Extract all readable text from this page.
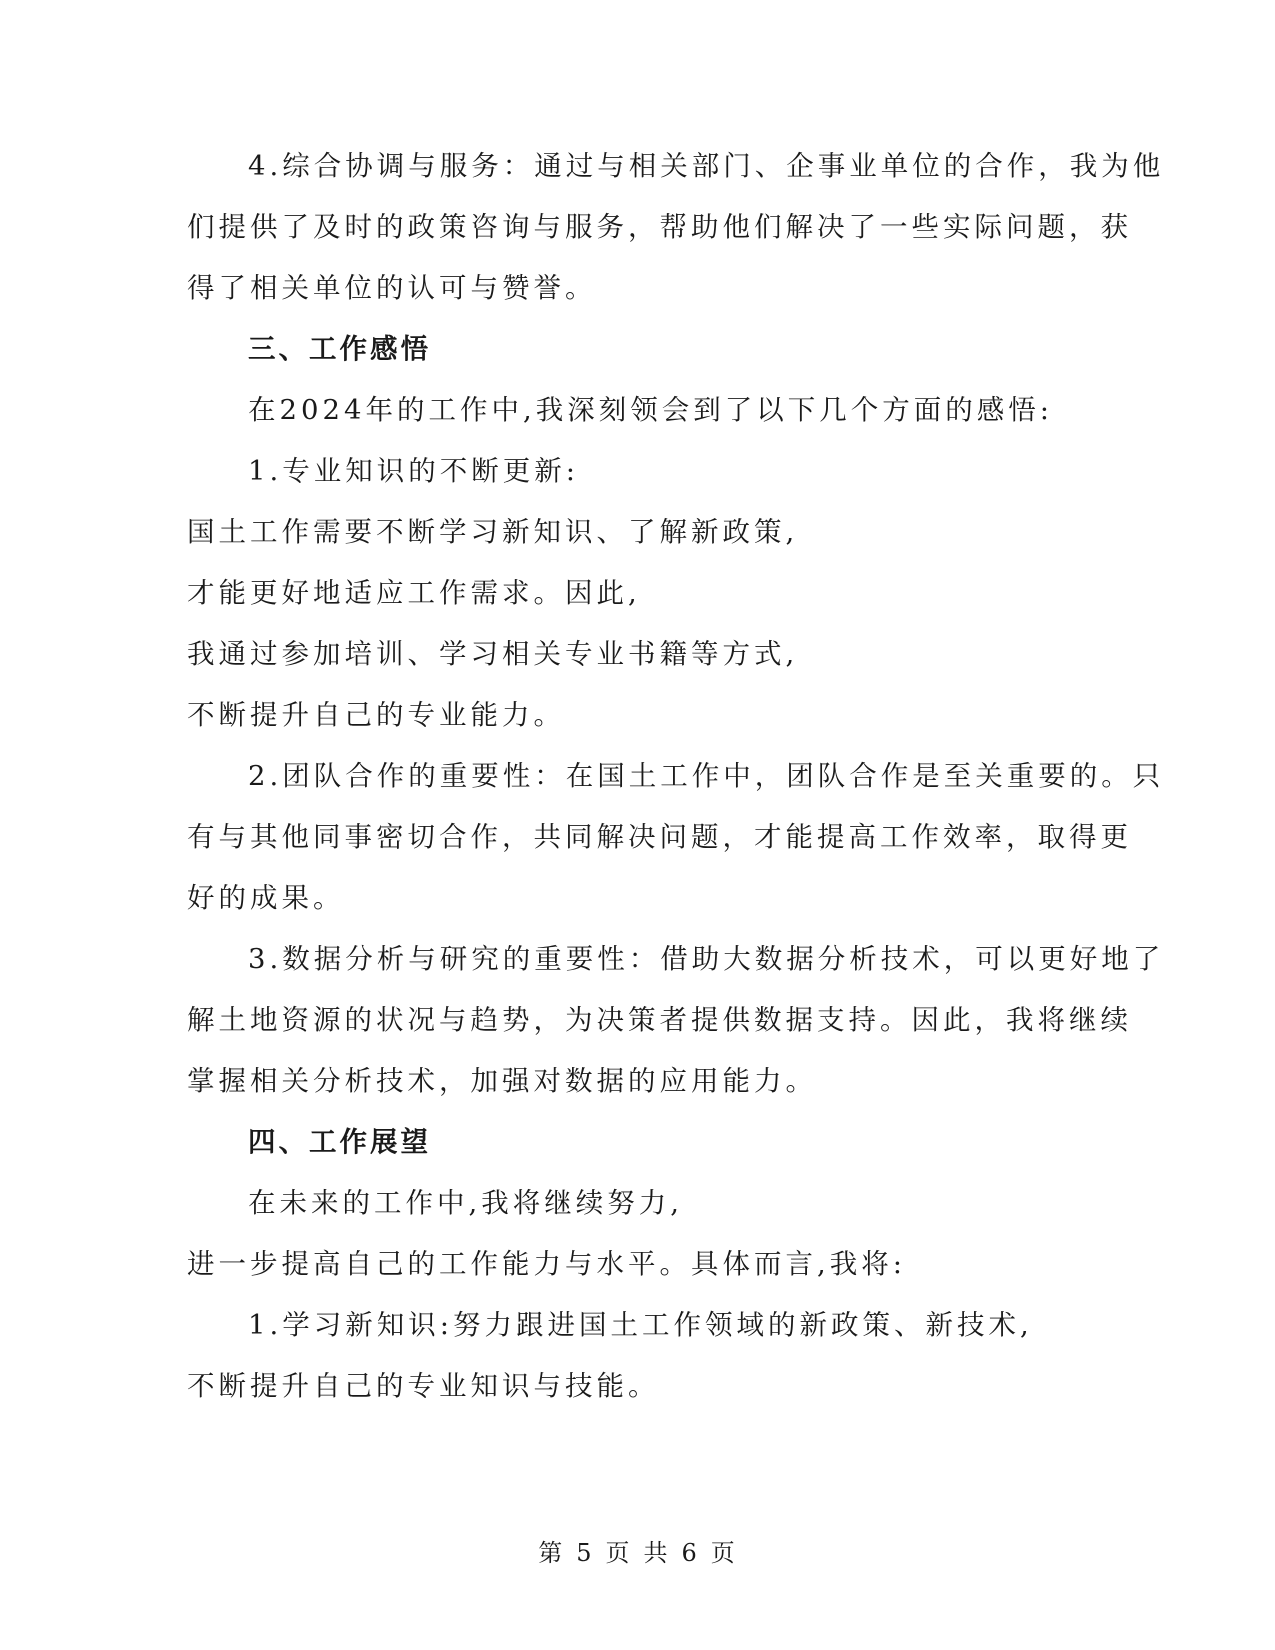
4.综合协调与服务：通过与相关部门、企事业单位的合作，我为他
们提供了及时的政策咨询与服务，帮助他们解决了一些实际问题，获
得了相关单位的认可与赞誉。
三、工作感悟
在2024年的工作中,我深刻领会到了以下几个方面的感悟:
1.专业知识的不断更新:
国土工作需要不断学习新知识、了解新政策,
才能更好地适应工作需求。因此,
我通过参加培训、学习相关专业书籍等方式,
不断提升自己的专业能力。
2.团队合作的重要性：在国土工作中，团队合作是至关重要的。只
有与其他同事密切合作，共同解决问题，才能提高工作效率，取得更
好的成果。
3.数据分析与研究的重要性：借助大数据分析技术，可以更好地了
解土地资源的状况与趋势，为决策者提供数据支持。因此，我将继续
掌握相关分析技术，加强对数据的应用能力。
四、工作展望
在未来的工作中,我将继续努力,
进一步提高自己的工作能力与水平。具体而言,我将:
1.学习新知识:努力跟进国土工作领域的新政策、新技术,
不断提升自己的专业知识与技能。
第 5 页 共 6 页
